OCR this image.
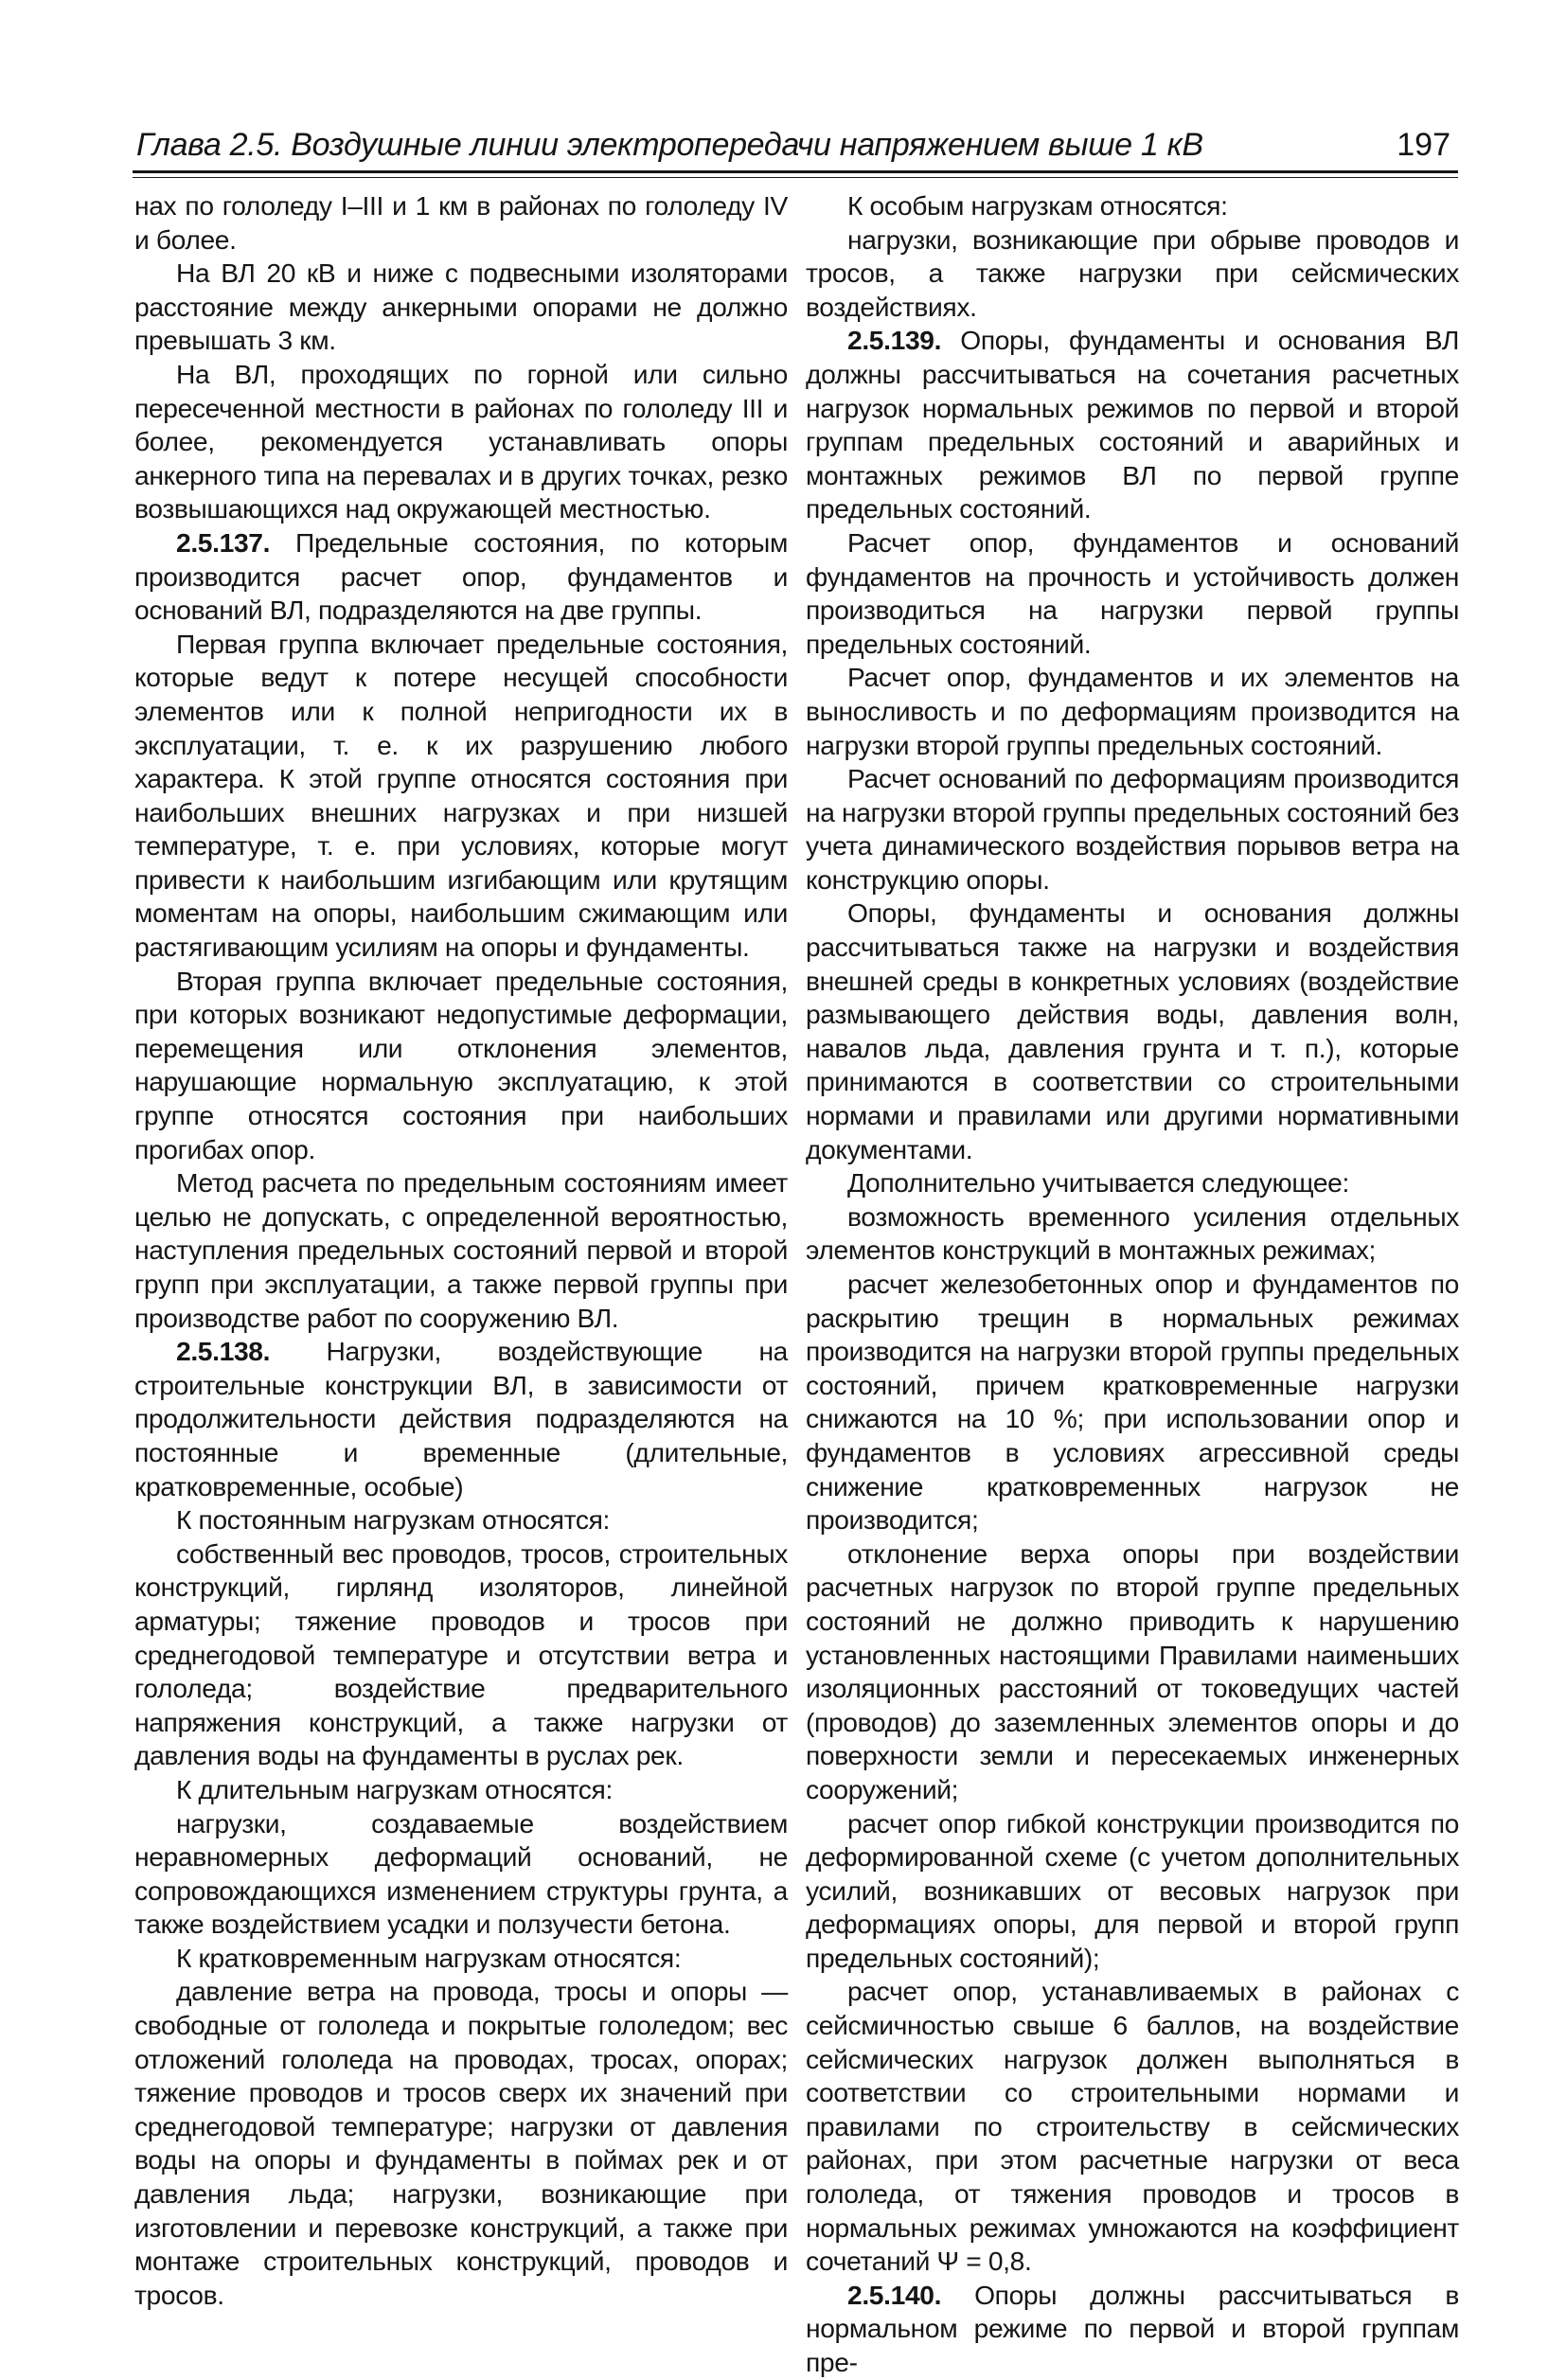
Глава 2.5. Воздушные линии электропередачи напряжением выше 1 кВ	197

нах по гололеду I–III и 1 км в районах по гололеду IV и более.

На ВЛ 20 кВ и ниже с подвесными изоляторами расстояние между анкерными опорами не должно превышать 3 км.

На ВЛ, проходящих по горной или сильно пересеченной местности в районах по гололеду III и более, рекомендуется устанавливать опоры анкерного типа на перевалах и в других точках, резко возвышающихся над окружающей местностью.

2.5.137. Предельные состояния, по которым производится расчет опор, фундаментов и оснований ВЛ, подразделяются на две группы.

Первая группа включает предельные состояния, которые ведут к потере несущей способности элементов или к полной непригодности их в эксплуатации, т. е. к их разрушению любого характера. К этой группе относятся состояния при наибольших внешних нагрузках и при низшей температуре, т. е. при условиях, которые могут привести к наибольшим изгибающим или крутящим моментам на опоры, наибольшим сжимающим или растягивающим усилиям на опоры и фундаменты.

Вторая группа включает предельные состояния, при которых возникают недопустимые деформации, перемещения или отклонения элементов, нарушающие нормальную эксплуатацию, к этой группе относятся состояния при наибольших прогибах опор.

Метод расчета по предельным состояниям имеет целью не допускать, с определенной вероятностью, наступления предельных состояний первой и второй групп при эксплуатации, а также первой группы при производстве работ по сооружению ВЛ.

2.5.138. Нагрузки, воздействующие на строительные конструкции ВЛ, в зависимости от продолжительности действия подразделяются на постоянные и временные (длительные, кратковременные, особые)

К постоянным нагрузкам относятся:

собственный вес проводов, тросов, строительных конструкций, гирлянд изоляторов, линейной арматуры; тяжение проводов и тросов при среднегодовой температуре и отсутствии ветра и гололеда; воздействие предварительного напряжения конструкций, а также нагрузки от давления воды на фундаменты в руслах рек.

К длительным нагрузкам относятся:

нагрузки, создаваемые воздействием неравномерных деформаций оснований, не сопровождающихся изменением структуры грунта, а также воздействием усадки и ползучести бетона.

К кратковременным нагрузкам относятся:

давление ветра на провода, тросы и опоры — свободные от гололеда и покрытые гололедом; вес отложений гололеда на проводах, тросах, опорах; тяжение проводов и тросов сверх их значений при среднегодовой температуре; нагрузки от давления воды на опоры и фундаменты в поймах рек и от давления льда; нагрузки, возникающие при изготовлении и перевозке конструкций, а также при монтаже строительных конструкций, проводов и тросов.

К особым нагрузкам относятся:

нагрузки, возникающие при обрыве проводов и тросов, а также нагрузки при сейсмических воздействиях.

2.5.139. Опоры, фундаменты и основания ВЛ должны рассчитываться на сочетания расчетных нагрузок нормальных режимов по первой и второй группам предельных состояний и аварийных и монтажных режимов ВЛ по первой группе предельных состояний.

Расчет опор, фундаментов и оснований фундаментов на прочность и устойчивость должен производиться на нагрузки первой группы предельных состояний.

Расчет опор, фундаментов и их элементов на выносливость и по деформациям производится на нагрузки второй группы предельных состояний.

Расчет оснований по деформациям производится на нагрузки второй группы предельных состояний без учета динамического воздействия порывов ветра на конструкцию опоры.

Опоры, фундаменты и основания должны рассчитываться также на нагрузки и воздействия внешней среды в конкретных условиях (воздействие размывающего действия воды, давления волн, навалов льда, давления грунта и т. п.), которые принимаются в соответствии со строительными нормами и правилами или другими нормативными документами.

Дополнительно учитывается следующее:

возможность временного усиления отдельных элементов конструкций в монтажных режимах;

расчет железобетонных опор и фундаментов по раскрытию трещин в нормальных режимах производится на нагрузки второй группы предельных состояний, причем кратковременные нагрузки снижаются на 10 %; при использовании опор и фундаментов в условиях агрессивной среды снижение кратковременных нагрузок не производится;

отклонение верха опоры при воздействии расчетных нагрузок по второй группе предельных состояний не должно приводить к нарушению установленных настоящими Правилами наименьших изоляционных расстояний от токоведущих частей (проводов) до заземленных элементов опоры и до поверхности земли и пересекаемых инженерных сооружений;

расчет опор гибкой конструкции производится по деформированной схеме (с учетом дополнительных усилий, возникавших от весовых нагрузок при деформациях опоры, для первой и второй групп предельных состояний);

расчет опор, устанавливаемых в районах с сейсмичностью свыше 6 баллов, на воздействие сейсмических нагрузок должен выполняться в соответствии со строительными нормами и правилами по строительству в сейсмических районах, при этом расчетные нагрузки от веса гололеда, от тяжения проводов и тросов в нормальных режимах умножаются на коэффициент сочетаний Ψ = 0,8.

2.5.140. Опоры должны рассчитываться в нормальном режиме по первой и второй группам пре-
